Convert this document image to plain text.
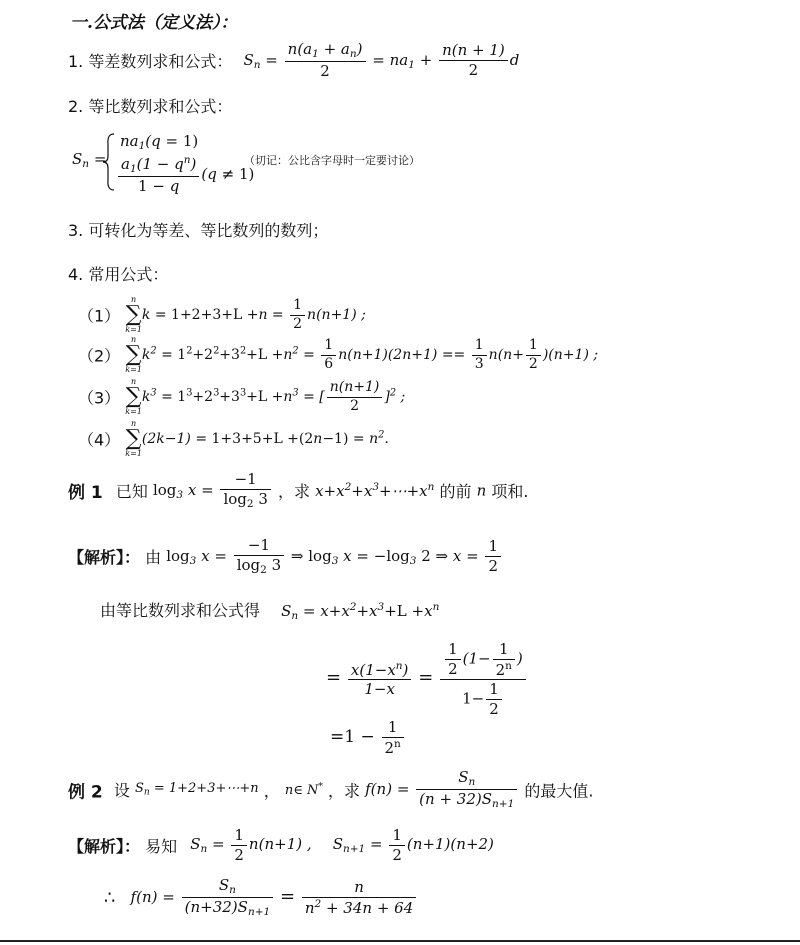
一.公式法（定义法）：
1. 等差数列求和公式： $S_n = \frac{n(a_1 + a_n)}{2} = na_1 + \frac{n(n + 1)}{2}$ d
2. 等比数列求和公式：
$S_n$ =
$na_1(q = 1)$
$\frac{a_1(1 - q^n)}{1 - q} (q \ne 1)$
（切记：公比含字母时一定要讨论）
3. 可转化为等差、等比数列的数列；
4. 常用公式：
（1）
n
∑
k=1
$k = 1+2+3+L +n = \frac{1}{2} n(n+1)$ ;
（2）
n
∑
k=1
$k^2 = 1^2+2^2+3^2+L +n^2 = \frac{1}{6} n(n+1)(2n+1) == \frac{1}{3} n(n+ \frac{1}{2} )(n+1)$ ;
（3）
n
∑
k=1
$k^3 = 1^3+2^3+3^3+L +n^3$ = [ $\frac{n(n+1)}{2} ]^2$ ;
（4）
n
∑
k=1
$(2k-1) = 1+3+5+L +(2n-1) = n^2$.
例 1 已知 $\log_3 x = \frac{-1}{\log_2 3}$ ，求 $x+x^2+x^3+\cdots+x^n$ 的前 n 项和.
【解析】： 由 $\log_3 x = \frac{-1}{\log_2 3}$ ⇒ $\log_3 x = -\log_3$ 2 ⇒ $x = \frac{1}{2}$
由等比数列求和公式得 $S_n = x+x^2+x^3+L +x^n$
= $\frac{x(1-x^n)}{1-x} = \frac{\frac{1}{2} (1- \frac{1}{2^n} )}{1- \frac{1}{2}}$
$=1 - \frac{1}{2^n}$
例 2 设 $S_n$ = 1+2+3+⋯+n ， n∈ N* ，求 $f(n) = \frac{S_n}{(n + 32)S_{n+1}}$ 的最大值.
【解析】： 易知 $S_n = \frac{1}{2} n(n+1)$ , $S_{n+1} = \frac{1}{2} (n+1)(n+2)$
∴ $f(n) = \frac{S_n}{(n+32)S_{n+1}} = \frac{n}{n^2 + 34n + 64}$
